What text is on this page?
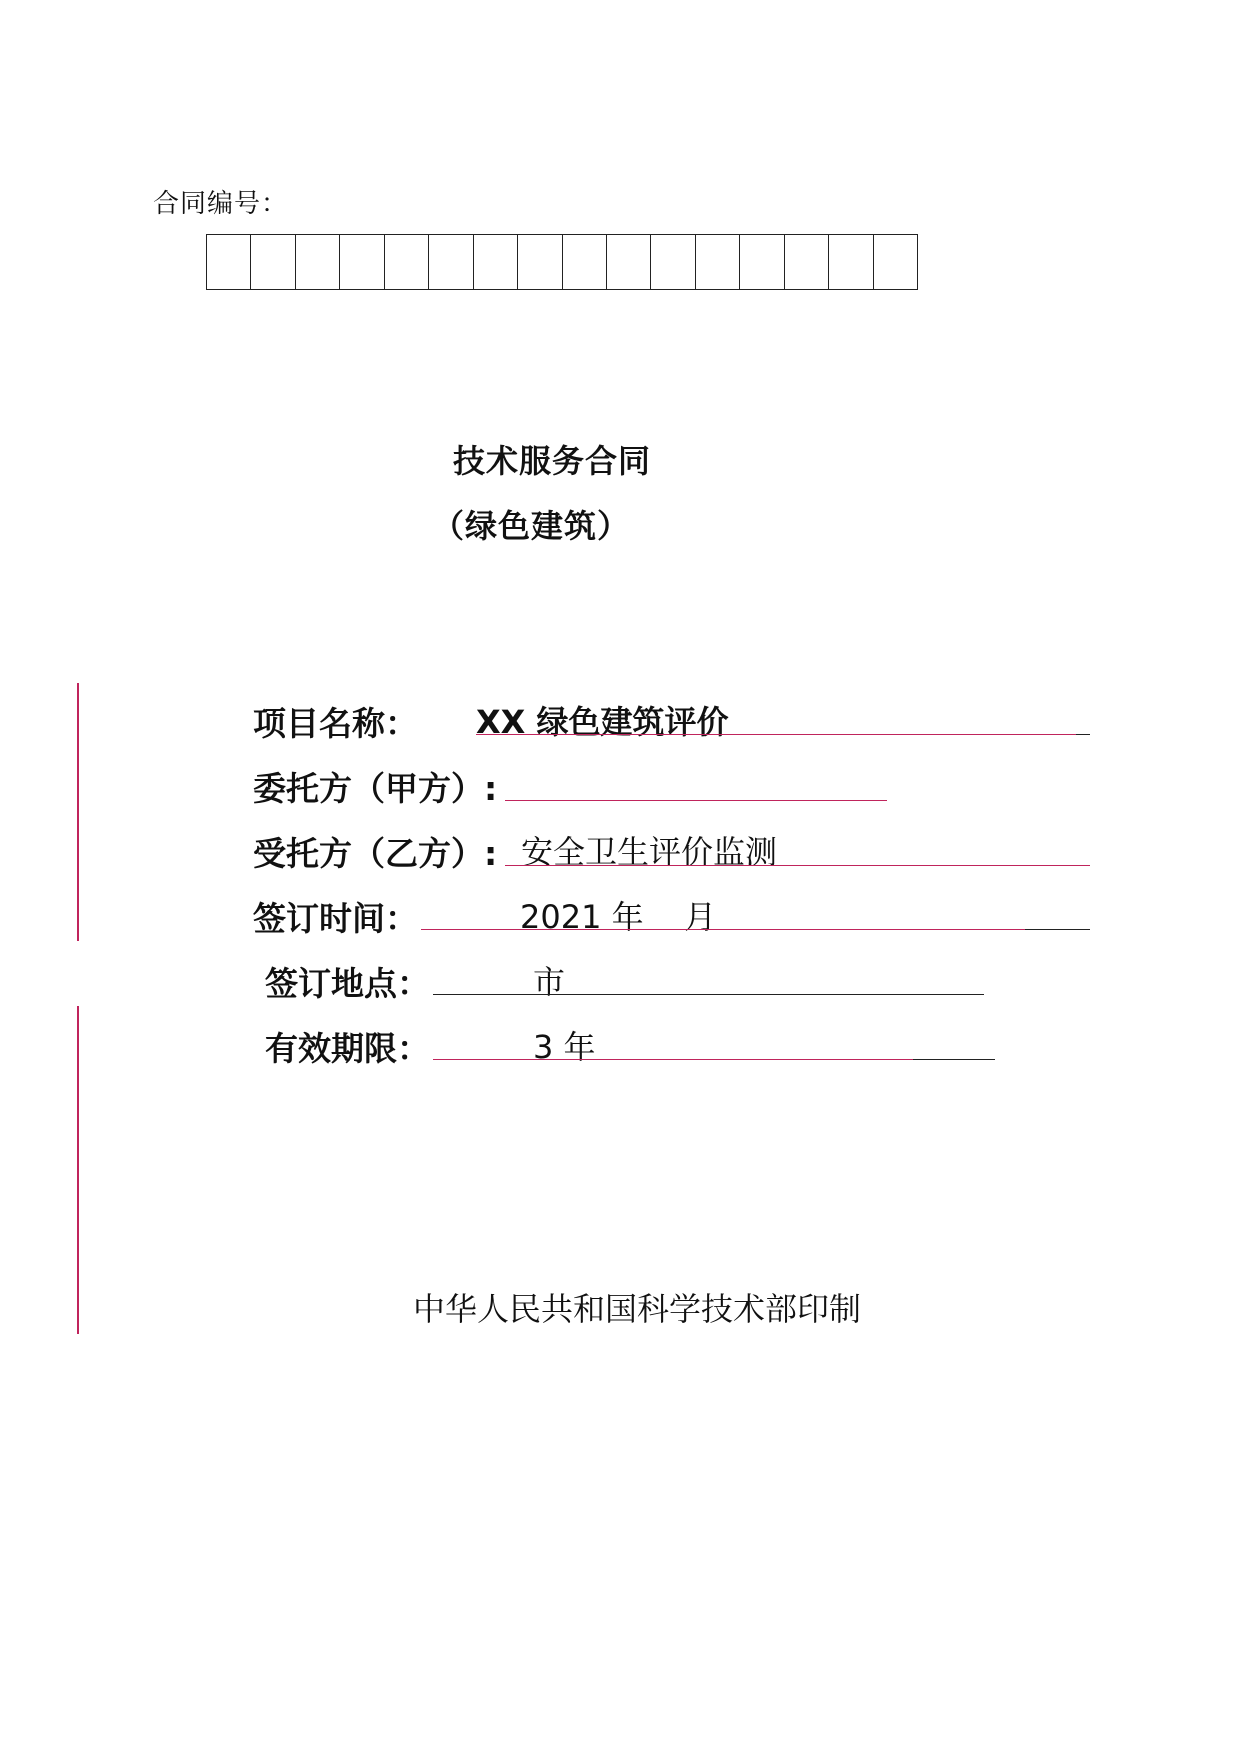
合同编号：
技术服务合同
（绿色建筑）
项目名称： XX 绿色建筑评价
委托方（甲方）:
受托方（乙方）: 安全卫生评价监测
签订时间：	2021 年    月
签订地点：	市
有效期限：	3 年
中华人民共和国科学技术部印制
